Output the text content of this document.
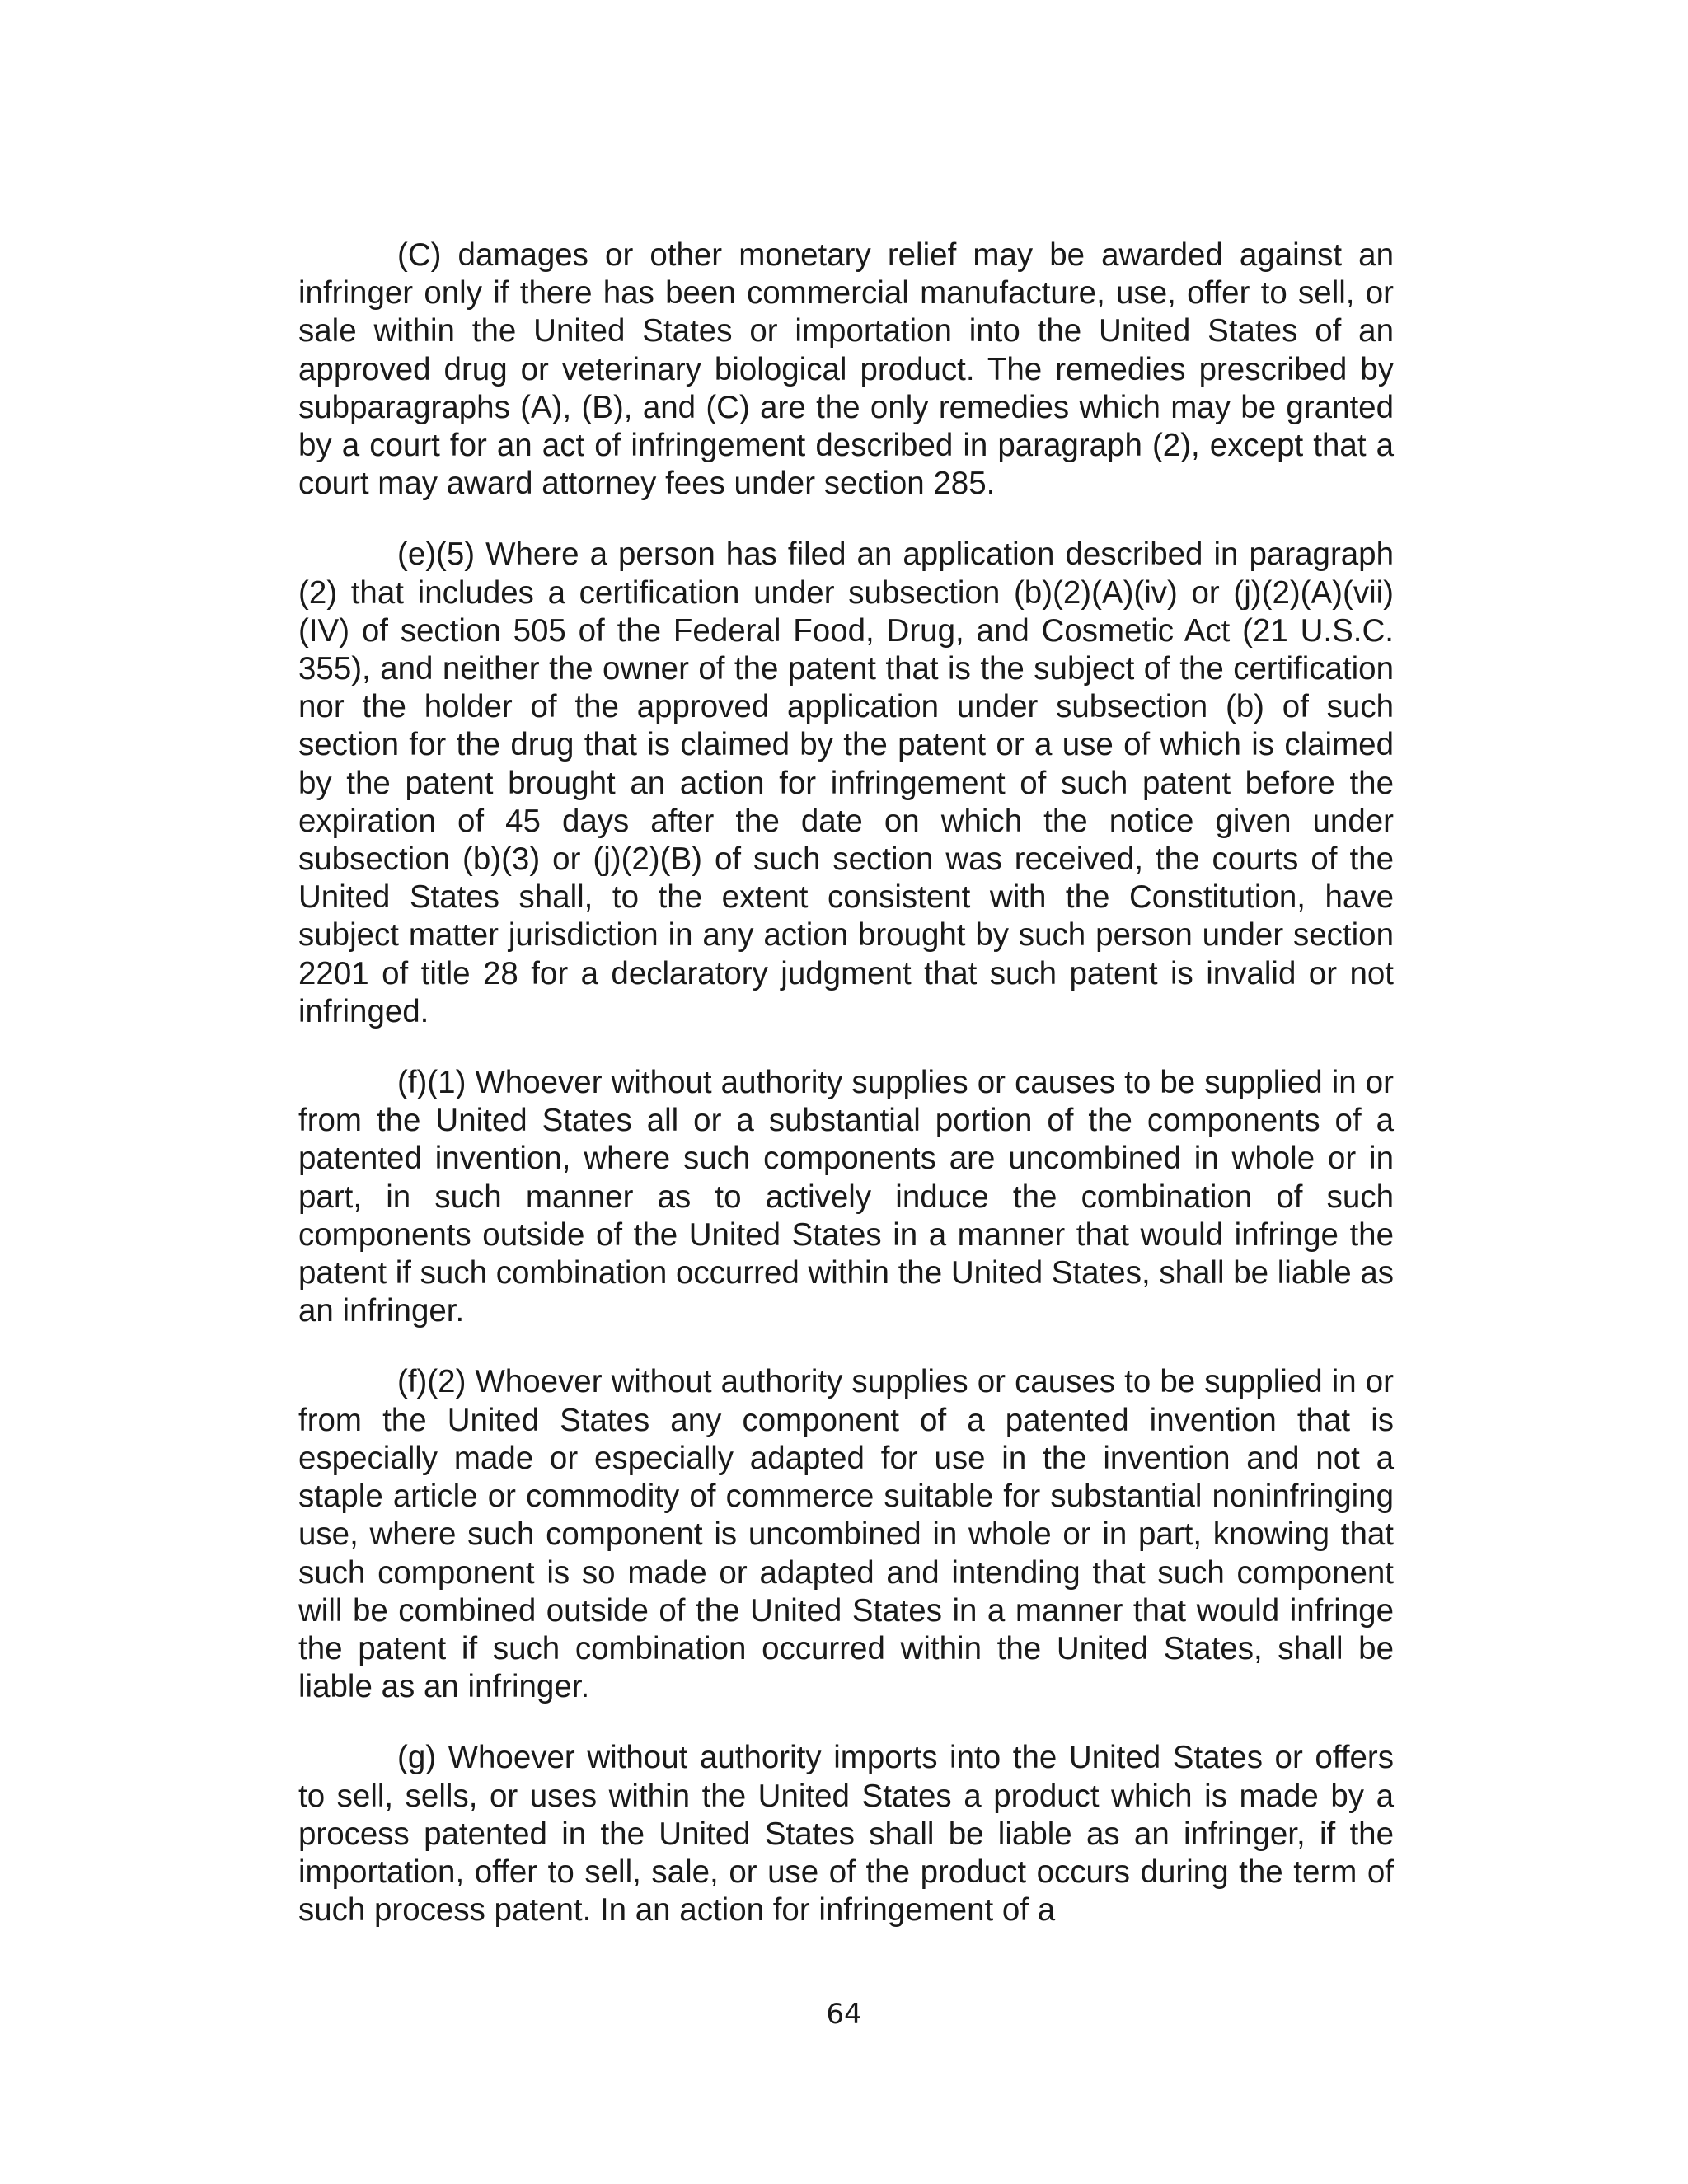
(C) damages or other monetary relief may be awarded against an infringer only if there has been commercial manufacture, use, offer to sell, or sale within the United States or importation into the United States of an approved drug or veterinary biological product. The remedies prescribed by subparagraphs (A), (B), and (C) are the only remedies which may be granted by a court for an act of infringement described in paragraph (2), except that a court may award attorney fees under section 285.

(e)(5) Where a person has filed an application described in paragraph (2) that includes a certification under subsection (b)(2)(A)(iv) or (j)(2)(A)(vii)(IV) of section 505 of the Federal Food, Drug, and Cosmetic Act (21 U.S.C. 355), and neither the owner of the patent that is the subject of the certification nor the holder of the approved application under subsection (b) of such section for the drug that is claimed by the patent or a use of which is claimed by the patent brought an action for infringement of such patent before the expiration of 45 days after the date on which the notice given under subsection (b)(3) or (j)(2)(B) of such section was received, the courts of the United States shall, to the extent consistent with the Constitution, have subject matter jurisdiction in any action brought by such person under section 2201 of title 28 for a declaratory judgment that such patent is invalid or not infringed.

(f)(1) Whoever without authority supplies or causes to be supplied in or from the United States all or a substantial portion of the components of a patented invention, where such components are uncombined in whole or in part, in such manner as to actively induce the combination of such components outside of the United States in a manner that would infringe the patent if such combination occurred within the United States, shall be liable as an infringer.

(f)(2) Whoever without authority supplies or causes to be supplied in or from the United States any component of a patented invention that is especially made or especially adapted for use in the invention and not a staple article or commodity of commerce suitable for substantial noninfringing use, where such component is uncombined in whole or in part, knowing that such component is so made or adapted and intending that such component will be combined outside of the United States in a manner that would infringe the patent if such combination occurred within the United States, shall be liable as an infringer.

(g) Whoever without authority imports into the United States or offers to sell, sells, or uses within the United States a product which is made by a process patented in the United States shall be liable as an infringer, if the importation, offer to sell, sale, or use of the product occurs during the term of such process patent. In an action for infringement of a

64
